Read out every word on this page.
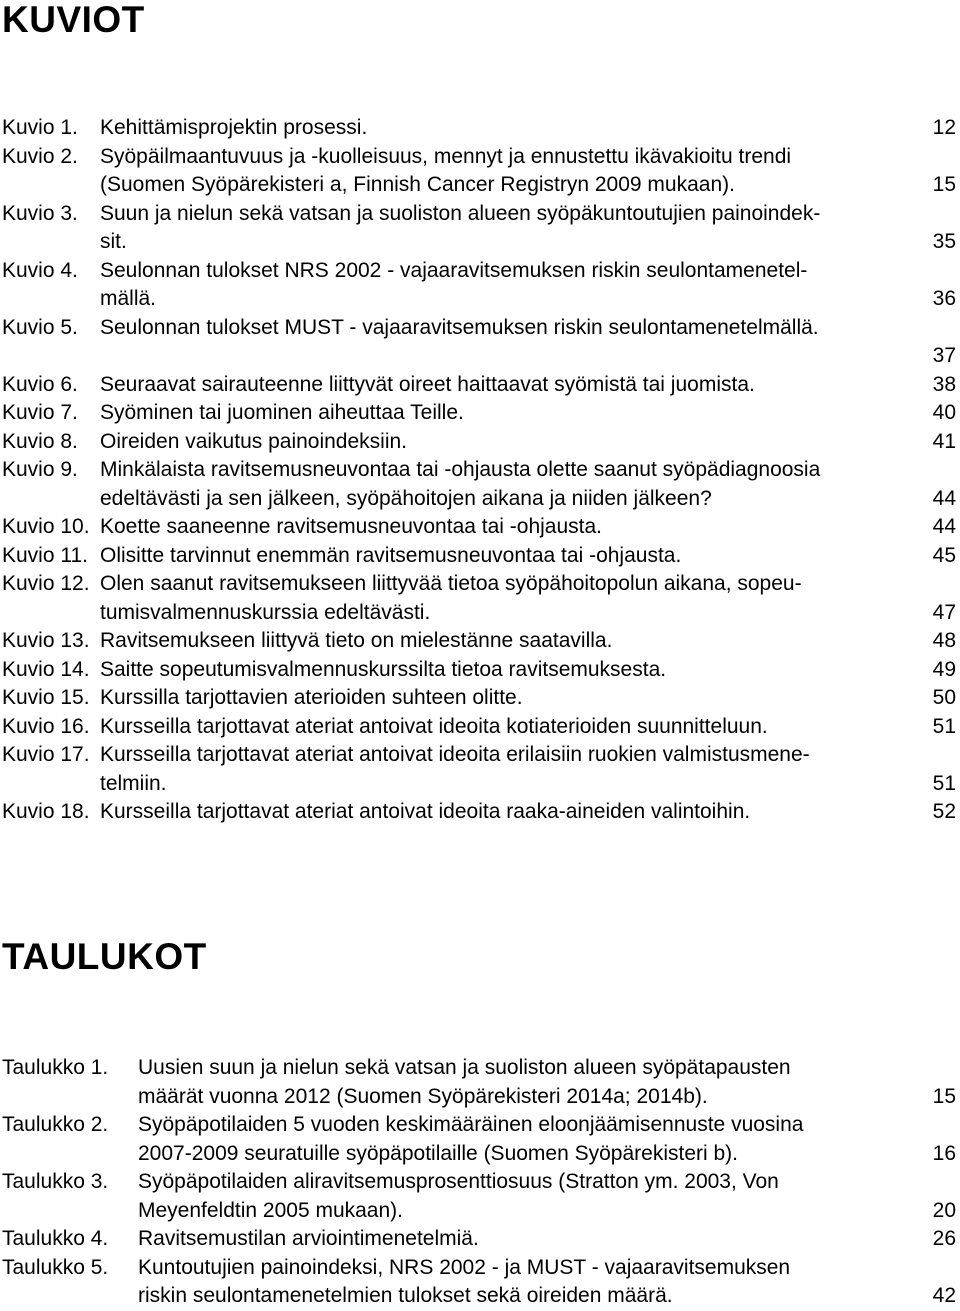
KUVIOT
Kuvio 1.	Kehittämisprojektin prosessi.	12
Kuvio 2.	Syöpäilmaantuvuus ja -kuolleisuus, mennyt ja ennustettu ikävakioitu trendi
(Suomen Syöpärekisteri a, Finnish Cancer Registryn 2009 mukaan).	15
Kuvio 3.	Suun ja nielun sekä vatsan ja suoliston alueen syöpäkuntoutujien painoindek-
sit.	35
Kuvio 4.	Seulonnan tulokset NRS 2002 - vajaaravitsemuksen riskin seulontamenetel-
mällä.	36
Kuvio 5.	Seulonnan tulokset MUST - vajaaravitsemuksen riskin seulontamenetelmällä.
37
Kuvio 6.	Seuraavat sairauteenne liittyvät oireet haittaavat syömistä tai juomista.	38
Kuvio 7.	Syöminen tai juominen aiheuttaa Teille.	40
Kuvio 8.	Oireiden vaikutus painoindeksiin.	41
Kuvio 9.	Minkälaista ravitsemusneuvontaa tai -ohjausta olette saanut syöpädiagnoosia
edeltävästi ja sen jälkeen, syöpähoitojen aikana ja niiden jälkeen?	44
Kuvio 10. Koette saaneenne ravitsemusneuvontaa tai -ohjausta.	44
Kuvio 11. Olisitte tarvinnut enemmän ravitsemusneuvontaa tai -ohjausta.	45
Kuvio 12. Olen saanut ravitsemukseen liittyvää tietoa syöpähoitopolun aikana, sopeu-
tumisvalmennuskurssia edeltävästi.	47
Kuvio 13. Ravitsemukseen liittyvä tieto on mielestänne saatavilla.	48
Kuvio 14. Saitte sopeutumisvalmennuskurssilta tietoa ravitsemuksesta.	49
Kuvio 15. Kurssilla tarjottavien aterioiden suhteen olitte.	50
Kuvio 16. Kursseilla tarjottavat ateriat antoivat ideoita kotiaterioiden suunnitteluun.	51
Kuvio 17. Kursseilla tarjottavat ateriat antoivat ideoita erilaisiin ruokien valmistusmene-
telmiin.	51
Kuvio 18. Kursseilla tarjottavat ateriat antoivat ideoita raaka-aineiden valintoihin.	52
TAULUKOT
Taulukko 1.	Uusien suun ja nielun sekä vatsan ja suoliston alueen syöpätapausten
määrät vuonna 2012 (Suomen Syöpärekisteri 2014a; 2014b).	15
Taulukko 2.	Syöpäpotilaiden 5 vuoden keskimääräinen eloonjäämisennuste vuosina
2007-2009 seuratuille syöpäpotilaille (Suomen Syöpärekisteri b).	16
Taulukko 3.	Syöpäpotilaiden aliravitsemusprosenttiosuus (Stratton ym. 2003, Von
Meyenfeldtin 2005 mukaan).	20
Taulukko 4.	Ravitsemustilan arviointimenetelmiä.	26
Taulukko 5.	Kuntoutujien painoindeksi, NRS 2002 - ja MUST - vajaaravitsemuksen
riskin seulontamenetelmien tulokset sekä oireiden määrä.	42
